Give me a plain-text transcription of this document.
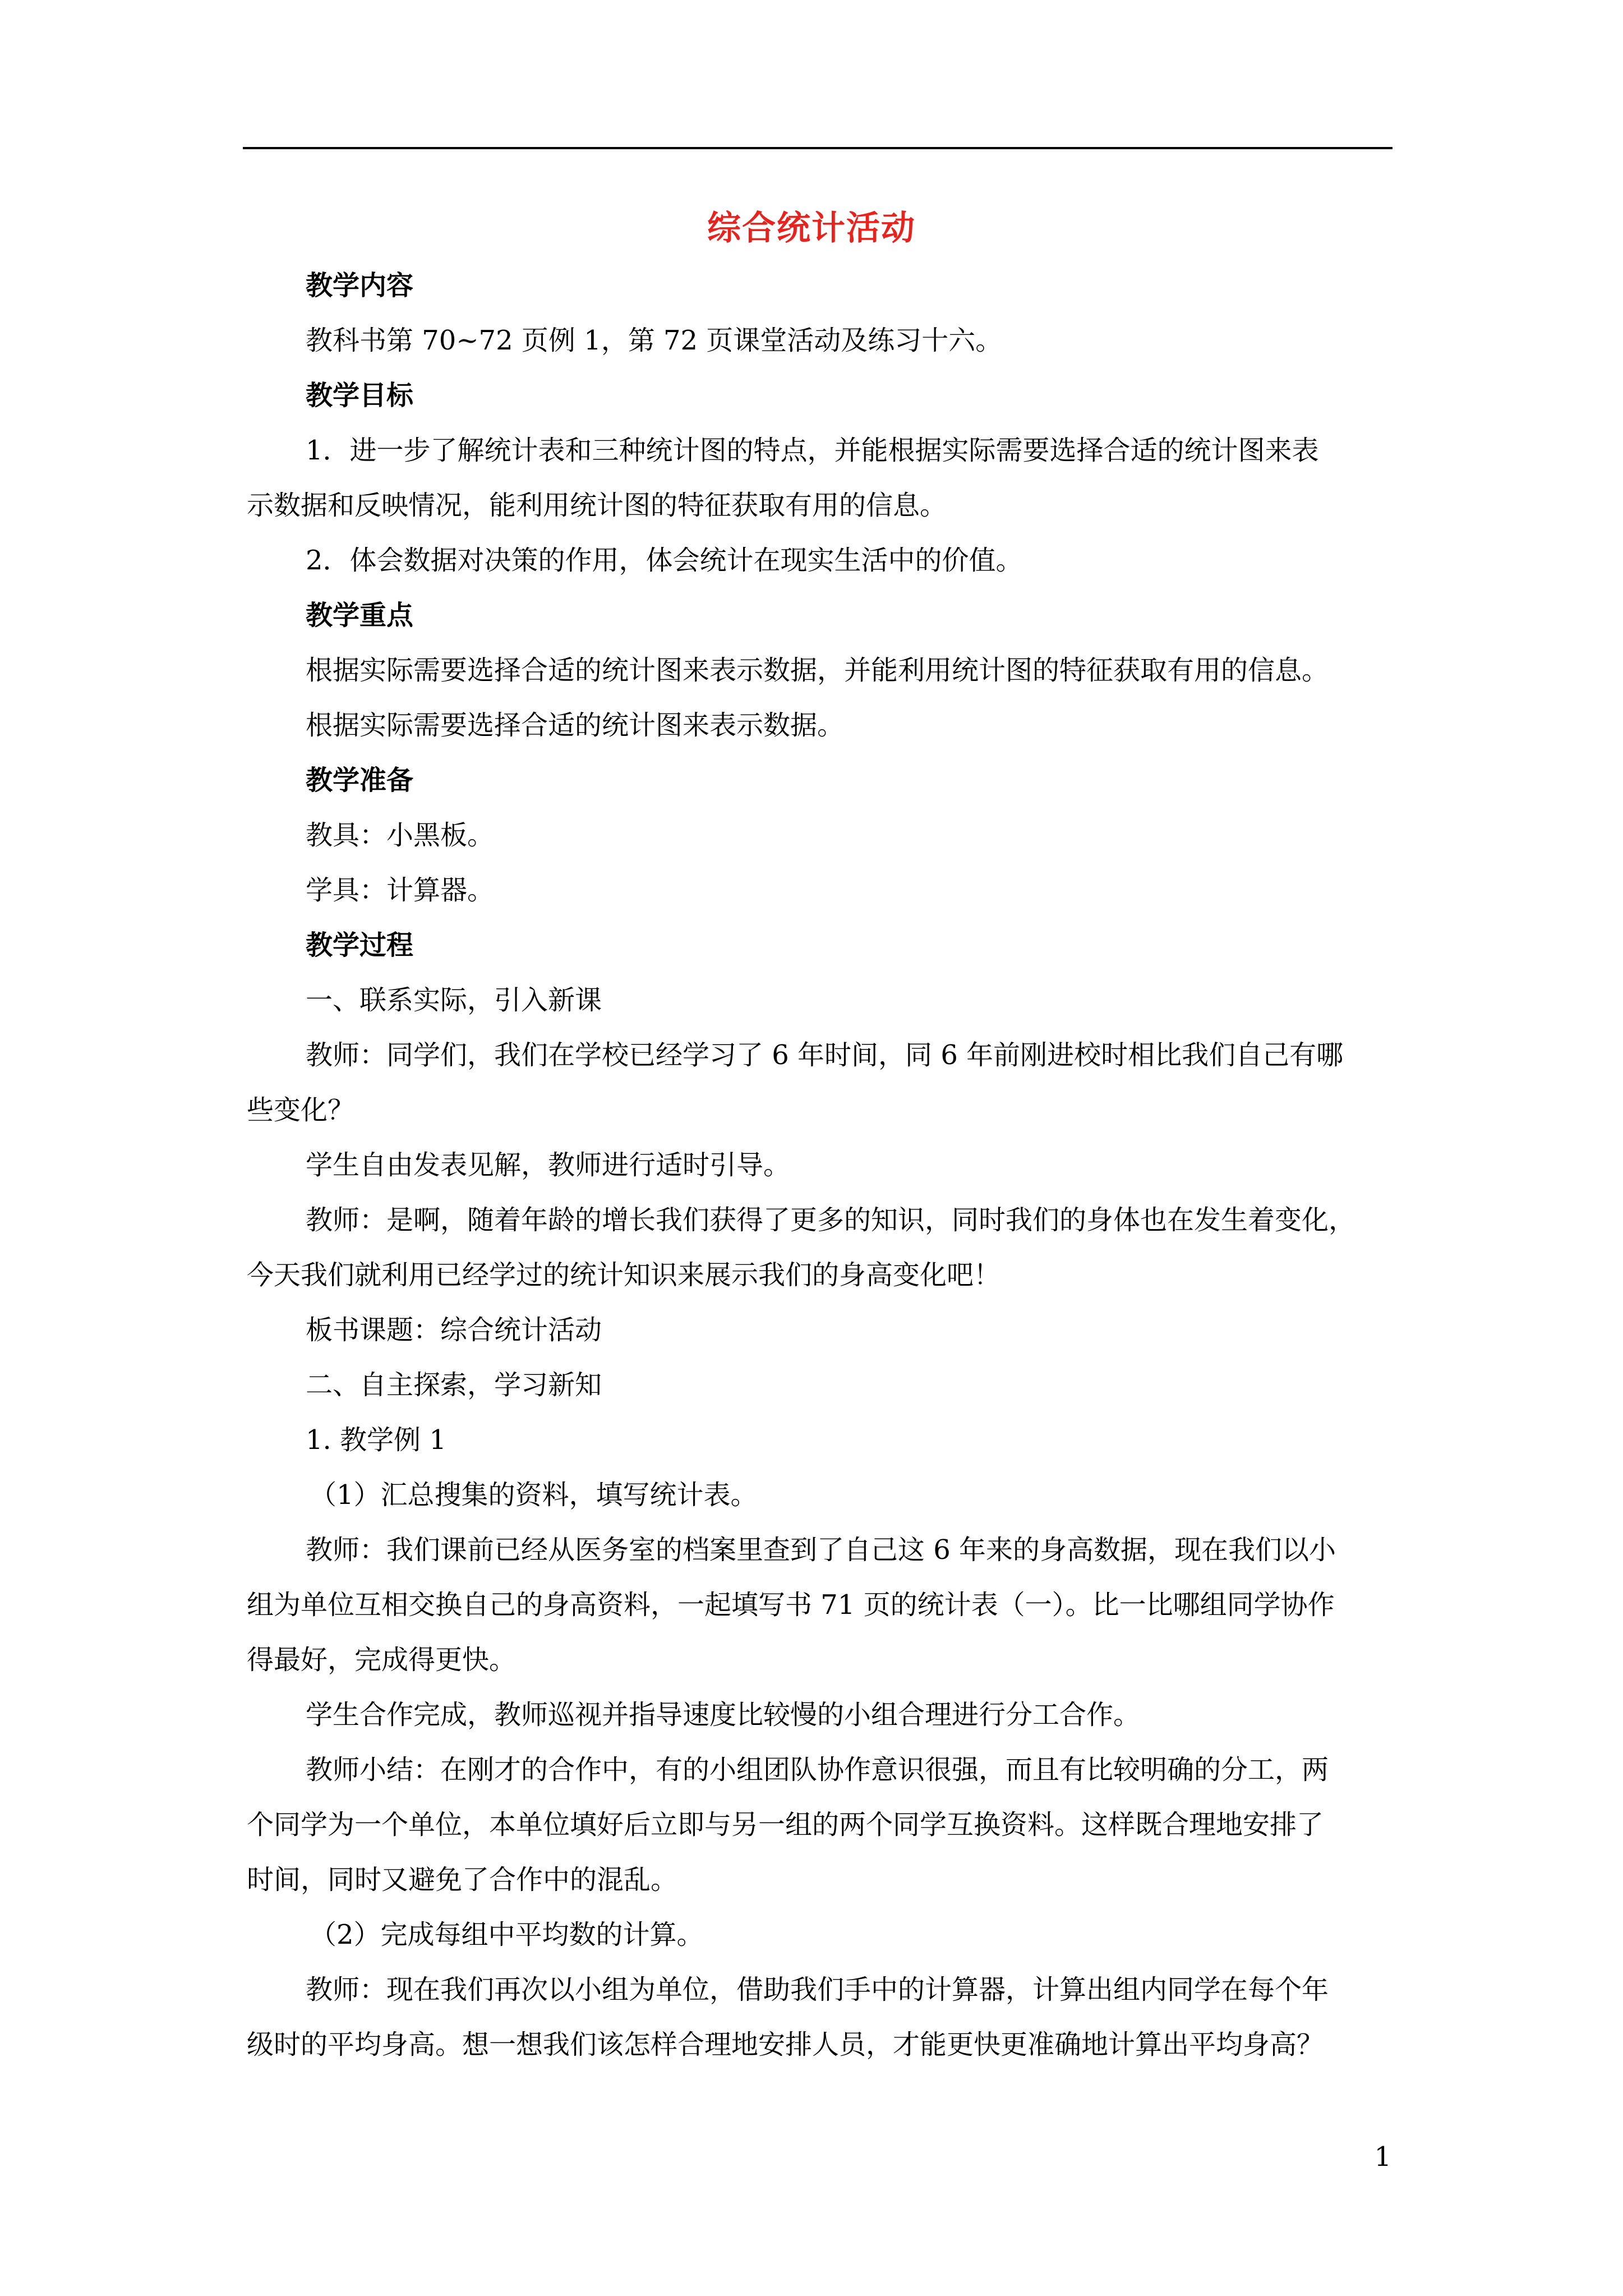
综合统计活动
教学内容
教科书第 70~72 页例 1，第 72 页课堂活动及练习十六。
教学目标
1．进一步了解统计表和三种统计图的特点，并能根据实际需要选择合适的统计图来表
示数据和反映情况，能利用统计图的特征获取有用的信息。
2．体会数据对决策的作用，体会统计在现实生活中的价值。
教学重点
根据实际需要选择合适的统计图来表示数据，并能利用统计图的特征获取有用的信息。
根据实际需要选择合适的统计图来表示数据。
教学准备
教具：小黑板。
学具：计算器。
教学过程
一、联系实际，引入新课
教师：同学们，我们在学校已经学习了 6 年时间，同 6 年前刚进校时相比我们自己有哪
些变化？
学生自由发表见解，教师进行适时引导。
教师：是啊，随着年龄的增长我们获得了更多的知识，同时我们的身体也在发生着变化，
今天我们就利用已经学过的统计知识来展示我们的身高变化吧！
板书课题：综合统计活动
二、自主探索，学习新知
1. 教学例 1
（1）汇总搜集的资料，填写统计表。
教师：我们课前已经从医务室的档案里查到了自己这 6 年来的身高数据，现在我们以小
组为单位互相交换自己的身高资料，一起填写书 71 页的统计表（一）。比一比哪组同学协作
得最好，完成得更快。
学生合作完成，教师巡视并指导速度比较慢的小组合理进行分工合作。
教师小结：在刚才的合作中，有的小组团队协作意识很强，而且有比较明确的分工，两
个同学为一个单位，本单位填好后立即与另一组的两个同学互换资料。这样既合理地安排了
时间，同时又避免了合作中的混乱。
（2）完成每组中平均数的计算。
教师：现在我们再次以小组为单位，借助我们手中的计算器，计算出组内同学在每个年
级时的平均身高。想一想我们该怎样合理地安排人员，才能更快更准确地计算出平均身高？
1
